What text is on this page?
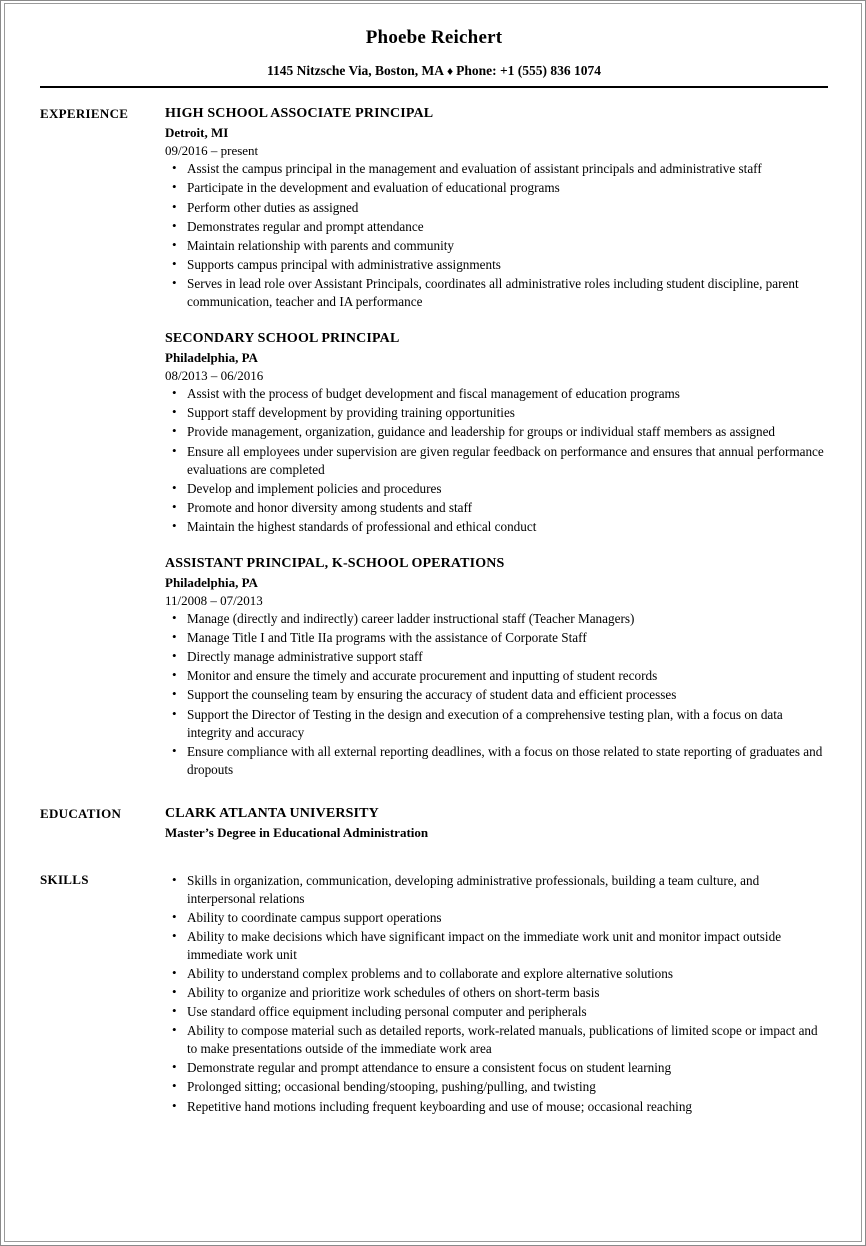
Phoebe Reichert
1145 Nitzsche Via, Boston, MA ♦ Phone: +1 (555) 836 1074
EXPERIENCE	HIGH SCHOOL ASSOCIATE PRINCIPAL
Detroit, MI
09/2016 – present
• Assist the campus principal in the management and evaluation of assistant principals and administrative staff
• Participate in the development and evaluation of educational programs
• Perform other duties as assigned
• Demonstrates regular and prompt attendance
• Maintain relationship with parents and community
• Supports campus principal with administrative assignments
• Serves in lead role over Assistant Principals, coordinates all administrative roles including student discipline, parent communication, teacher and IA performance
SECONDARY SCHOOL PRINCIPAL
Philadelphia, PA
08/2013 – 06/2016
• Assist with the process of budget development and fiscal management of education programs
• Support staff development by providing training opportunities
• Provide management, organization, guidance and leadership for groups or individual staff members as assigned
• Ensure all employees under supervision are given regular feedback on performance and ensures that annual performance evaluations are completed
• Develop and implement policies and procedures
• Promote and honor diversity among students and staff
• Maintain the highest standards of professional and ethical conduct
ASSISTANT PRINCIPAL, K-SCHOOL OPERATIONS
Philadelphia, PA
11/2008 – 07/2013
• Manage (directly and indirectly) career ladder instructional staff (Teacher Managers)
• Manage Title I and Title IIa programs with the assistance of Corporate Staff
• Directly manage administrative support staff
• Monitor and ensure the timely and accurate procurement and inputting of student records
• Support the counseling team by ensuring the accuracy of student data and efficient processes
• Support the Director of Testing in the design and execution of a comprehensive testing plan, with a focus on data integrity and accuracy
• Ensure compliance with all external reporting deadlines, with a focus on those related to state reporting of graduates and dropouts
EDUCATION	CLARK ATLANTA UNIVERSITY
Master’s Degree in Educational Administration
SKILLS	• Skills in organization, communication, developing administrative professionals, building a team culture, and interpersonal relations
• Ability to coordinate campus support operations
• Ability to make decisions which have significant impact on the immediate work unit and monitor impact outside immediate work unit
• Ability to understand complex problems and to collaborate and explore alternative solutions
• Ability to organize and prioritize work schedules of others on short-term basis
• Use standard office equipment including personal computer and peripherals
• Ability to compose material such as detailed reports, work-related manuals, publications of limited scope or impact and to make presentations outside of the immediate work area
• Demonstrate regular and prompt attendance to ensure a consistent focus on student learning
• Prolonged sitting; occasional bending/stooping, pushing/pulling, and twisting
• Repetitive hand motions including frequent keyboarding and use of mouse; occasional reaching
